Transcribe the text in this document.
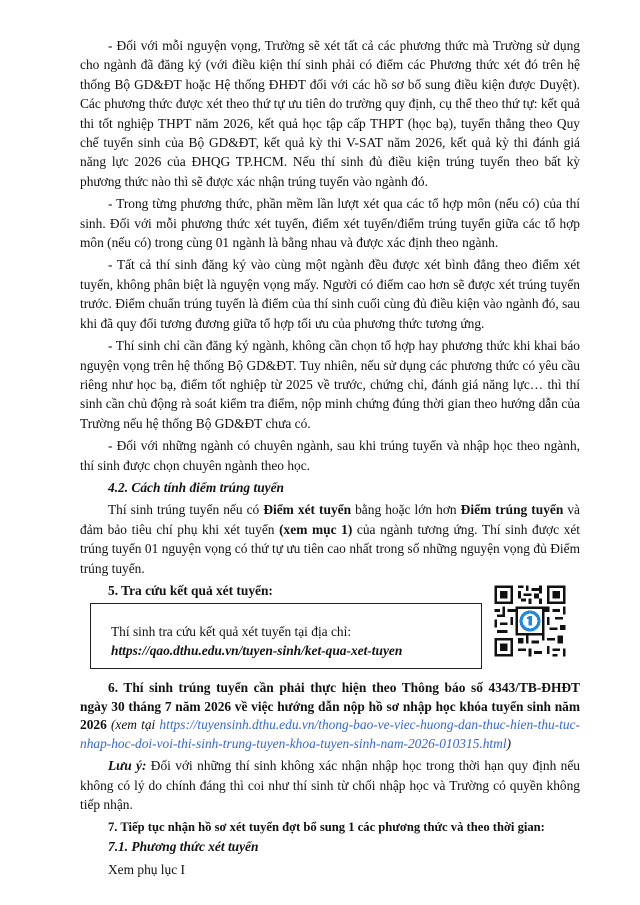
- Đối với mỗi nguyện vọng, Trường sẽ xét tất cả các phương thức mà Trường sử dụng cho ngành đã đăng ký (với điều kiện thí sinh phải có điểm các Phương thức xét đó trên hệ thống Bộ GD&ĐT hoặc Hệ thống ĐHĐT đối với các hồ sơ bổ sung điều kiện được Duyệt). Các phương thức được xét theo thứ tự ưu tiên do trường quy định, cụ thể theo thứ tự: kết quả thi tốt nghiệp THPT năm 2026, kết quả học tập cấp THPT (học bạ), tuyển thẳng theo Quy chế tuyển sinh của Bộ GD&ĐT, kết quả kỳ thi V-SAT năm 2026, kết quả kỳ thi đánh giá năng lực 2026 của ĐHQG TP.HCM. Nếu thí sinh đủ điều kiện trúng tuyển theo bất kỳ phương thức nào thì sẽ được xác nhận trúng tuyển vào ngành đó.

- Trong từng phương thức, phần mềm lần lượt xét qua các tổ hợp môn (nếu có) của thí sinh. Đối với mỗi phương thức xét tuyển, điểm xét tuyển/điểm trúng tuyển giữa các tổ hợp môn (nếu có) trong cùng 01 ngành là bằng nhau và được xác định theo ngành.

- Tất cả thí sinh đăng ký vào cùng một ngành đều được xét bình đẳng theo điểm xét tuyển, không phân biệt là nguyện vọng mấy. Người có điểm cao hơn sẽ được xét trúng tuyển trước. Điểm chuẩn trúng tuyển là điểm của thí sinh cuối cùng đủ điều kiện vào ngành đó, sau khi đã quy đổi tương đương giữa tổ hợp tối ưu của phương thức tương ứng.

- Thí sinh chỉ cần đăng ký ngành, không cần chọn tổ hợp hay phương thức khi khai báo nguyện vọng trên hệ thống Bộ GD&ĐT. Tuy nhiên, nếu sử dụng các phương thức có yêu cầu riêng như học bạ, điểm tốt nghiệp từ 2025 về trước, chứng chỉ, đánh giá năng lực… thì thí sinh cần chủ động rà soát kiểm tra điểm, nộp minh chứng đúng thời gian theo hướng dẫn của Trường nếu hệ thống Bộ GD&ĐT chưa có.

- Đối với những ngành có chuyên ngành, sau khi trúng tuyển và nhập học theo ngành, thí sinh được chọn chuyên ngành theo học.

4.2. Cách tính điểm trúng tuyển

Thí sinh trúng tuyển nếu có Điểm xét tuyển bằng hoặc lớn hơn Điểm trúng tuyển và đảm bảo tiêu chí phụ khi xét tuyển (xem mục 1) của ngành tương ứng. Thí sinh được xét trúng tuyển 01 nguyện vọng có thứ tự ưu tiên cao nhất trong số những nguyện vọng đủ Điểm trúng tuyển.

5. Tra cứu kết quả xét tuyển:
Thí sinh tra cứu kết quả xét tuyển tại địa chỉ:
https://qao.dthu.edu.vn/tuyen-sinh/ket-qua-xet-tuyen

6. Thí sinh trúng tuyển cần phải thực hiện theo Thông báo số 4343/TB-ĐHĐT ngày 30 tháng 7 năm 2026 về việc hướng dẫn nộp hồ sơ nhập học khóa tuyển sinh năm 2026 (xem tại https://tuyensinh.dthu.edu.vn/thong-bao-ve-viec-huong-dan-thuc-hien-thu-tuc-nhap-hoc-doi-voi-thi-sinh-trung-tuyen-khoa-tuyen-sinh-nam-2026-010315.html)

Lưu ý: Đối với những thí sinh không xác nhận nhập học trong thời hạn quy định nếu không có lý do chính đáng thì coi như thí sinh từ chối nhập học và Trường có quyền không tiếp nhận.

7. Tiếp tục nhận hồ sơ xét tuyển đợt bổ sung 1 các phương thức và theo thời gian:

7.1. Phương thức xét tuyển

Xem phụ lục I
